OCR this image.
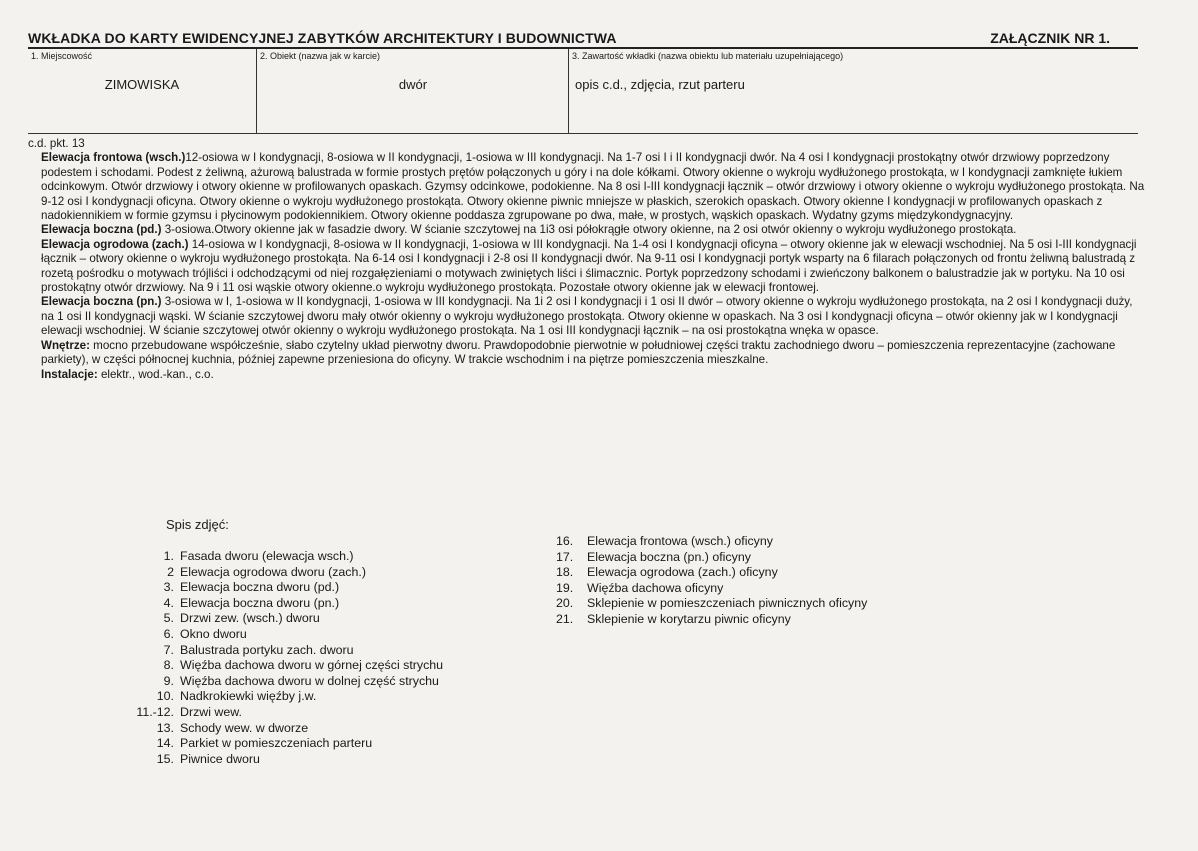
WKŁADKA DO KARTY EWIDENCYJNEJ ZABYTKÓW ARCHITEKTURY I BUDOWNICTWA	ZAŁĄCZNIK NR 1.
1. Miejscowość
ZIMOWISKA
2. Obiekt (nazwa jak w karcie)
dwór
3. Zawartość wkładki (nazwa obiektu lub materiału uzupełniającego)
opis c.d., zdjęcia, rzut parteru

c.d. pkt. 13

Elewacja frontowa (wsch.)12-osiowa w I kondygnacji, 8-osiowa w II kondygnacji, 1-osiowa w III kondygnacji. Na 1-7 osi I i II kondygnacji dwór. Na 4 osi I kondygnacji prostokątny otwór drzwiowy poprzedzony podestem i schodami. Podest z żeliwną, ażurową balustrada w formie prostych prętów połączonych u góry i na dole kółkami. Otwory okienne o wykroju wydłużonego prostokąta, w I kondygnacji zamknięte łukiem odcinkowym. Otwór drzwiowy i otwory okienne w profilowanych opaskach. Gzymsy odcinkowe, podokienne. Na 8 osi I-III kondygnacji łącznik – otwór drzwiowy i otwory okienne o wykroju wydłużonego prostokąta. Na 9-12 osi I kondygnacji oficyna. Otwory okienne o wykroju wydłużonego prostokąta. Otwory okienne piwnic mniejsze w płaskich, szerokich opaskach. Otwory okienne I kondygnacji w profilowanych opaskach z nadokiennikiem w formie gzymsu i płycinowym podokiennikiem. Otwory okienne poddasza zgrupowane po dwa, małe, w prostych, wąskich opaskach. Wydatny gzyms międzykondygnacyjny.

Elewacja boczna (pd.) 3-osiowa.Otwory okienne jak w fasadzie dwory. W ścianie szczytowej na 1i3 osi półokrągłe otwory okienne, na 2 osi otwór okienny o wykroju wydłużonego prostokąta.

Elewacja ogrodowa (zach.) 14-osiowa w I kondygnacji, 8-osiowa w II kondygnacji, 1-osiowa w III kondygnacji. Na 1-4 osi I kondygnacji oficyna – otwory okienne jak w elewacji wschodniej. Na 5 osi I-III kondygnacji łącznik – otwory okienne o wykroju wydłużonego prostokąta. Na 6-14 osi I kondygnacji i 2-8 osi II kondygnacji dwór. Na 9-11 osi I kondygnacji portyk wsparty na 6 filarach połączonych od frontu żeliwną balustradą z rozetą pośrodku o motywach trójliści i odchodzącymi od niej rozgałęzieniami o motywach zwiniętych liści i ślimacznic. Portyk poprzedzony schodami i zwieńczony balkonem o balustradzie jak w portyku. Na 10 osi prostokątny otwór drzwiowy. Na 9 i 11 osi wąskie otwory okienne.o wykroju wydłużonego prostokąta. Pozostałe otwory okienne jak w elewacji frontowej.

Elewacja boczna (pn.) 3-osiowa w I, 1-osiowa w II kondygnacji, 1-osiowa w III kondygnacji. Na 1i 2 osi I kondygnacji i 1 osi II dwór – otwory okienne o wykroju wydłużonego prostokąta, na 2 osi I kondygnacji duży, na 1 osi II kondygnacji wąski. W ścianie szczytowej dworu mały otwór okienny o wykroju wydłużonego prostokąta. Otwory okienne w opaskach. Na 3 osi I kondygnacji oficyna – otwór okienny jak w I kondygnacji elewacji wschodniej. W ścianie szczytowej otwór okienny o wykroju wydłużonego prostokąta. Na 1 osi III kondygnacji łącznik – na osi prostokątna wnęka w opasce.

Wnętrze: mocno przebudowane współcześnie, słabo czytelny układ pierwotny dworu. Prawdopodobnie pierwotnie w południowej części traktu zachodniego dworu – pomieszczenia reprezentacyjne (zachowane parkiety), w części północnej kuchnia, później zapewne przeniesiona do oficyny. W trakcie wschodnim i na piętrze pomieszczenia mieszkalne.

Instalacje: elektr., wod.-kan., c.o.

Spis zdjęć:
1. Fasada dworu (elewacja wsch.)
2 Elewacja ogrodowa dworu (zach.)
3. Elewacja boczna dworu (pd.)
4. Elewacja boczna dworu (pn.)
5. Drzwi zew. (wsch.) dworu
6. Okno dworu
7. Balustrada portyku zach. dworu
8. Więźba dachowa dworu w górnej części strychu
9. Więźba dachowa dworu w dolnej część strychu
10. Nadkrokiewki więźby j.w.
11.-12. Drzwi wew.
13. Schody wew. w dworze
14. Parkiet w pomieszczeniach parteru
15. Piwnice dworu
16.	Elewacja frontowa (wsch.) oficyny
17.	Elewacja boczna (pn.) oficyny
18.	Elewacja ogrodowa (zach.) oficyny
19.	Więźba dachowa oficyny
20.	Sklepienie w pomieszczeniach piwnicznych oficyny
21.	Sklepienie w korytarzu piwnic oficyny
